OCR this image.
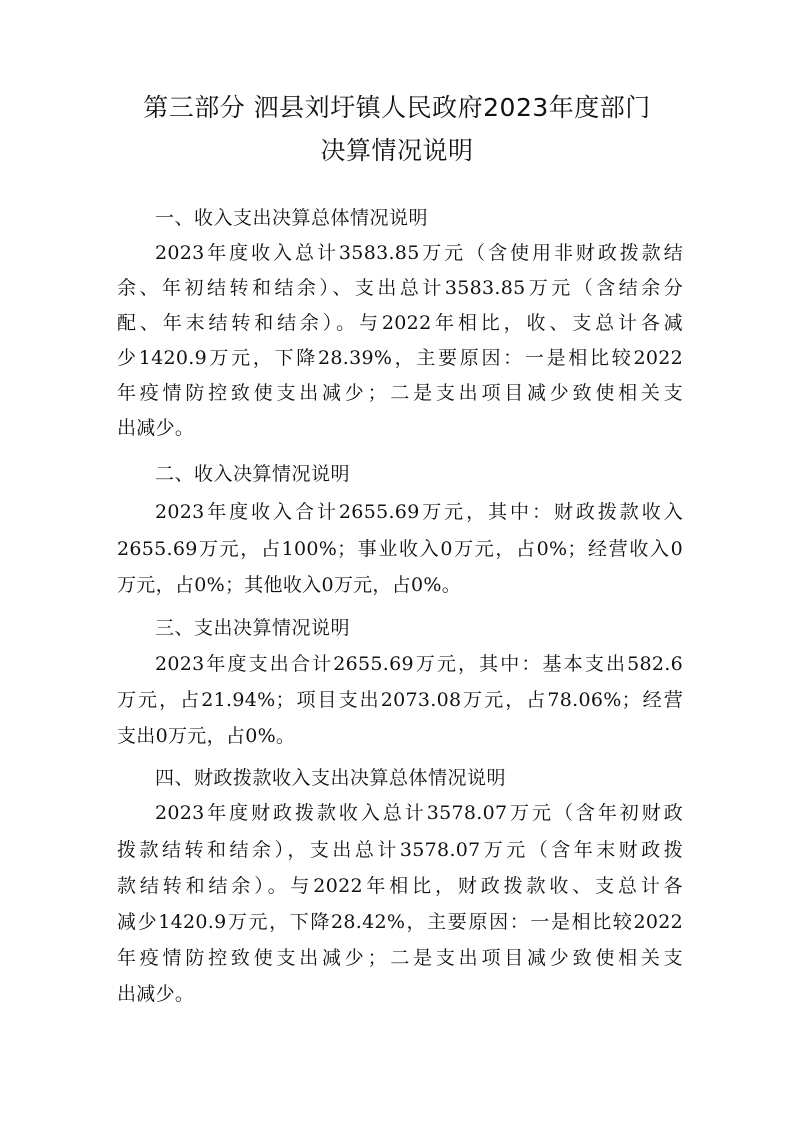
第三部分 泗县刘圩镇人民政府2023年度部门
决算情况说明
一、收入支出决算总体情况说明
2023年度收入总计3583.85万元（含使用非财政拨款结
余、年初结转和结余）、支出总计3583.85万元（含结余分
配、年末结转和结余）。与2022年相比，收、支总计各减
少1420.9万元，下降28.39%，主要原因：一是相比较2022
年疫情防控致使支出减少；二是支出项目减少致使相关支
出减少。
二、收入决算情况说明
2023年度收入合计2655.69万元，其中：财政拨款收入
2655.69万元，占100%；事业收入0万元，占0%；经营收入0
万元，占0%；其他收入0万元，占0%。
三、支出决算情况说明
2023年度支出合计2655.69万元，其中：基本支出582.6
万元，占21.94%；项目支出2073.08万元，占78.06%；经营
支出0万元，占0%。
四、财政拨款收入支出决算总体情况说明
2023年度财政拨款收入总计3578.07万元（含年初财政
拨款结转和结余），支出总计3578.07万元（含年末财政拨
款结转和结余）。与2022年相比，财政拨款收、支总计各
减少1420.9万元，下降28.42%，主要原因：一是相比较2022
年疫情防控致使支出减少；二是支出项目减少致使相关支
出减少。
